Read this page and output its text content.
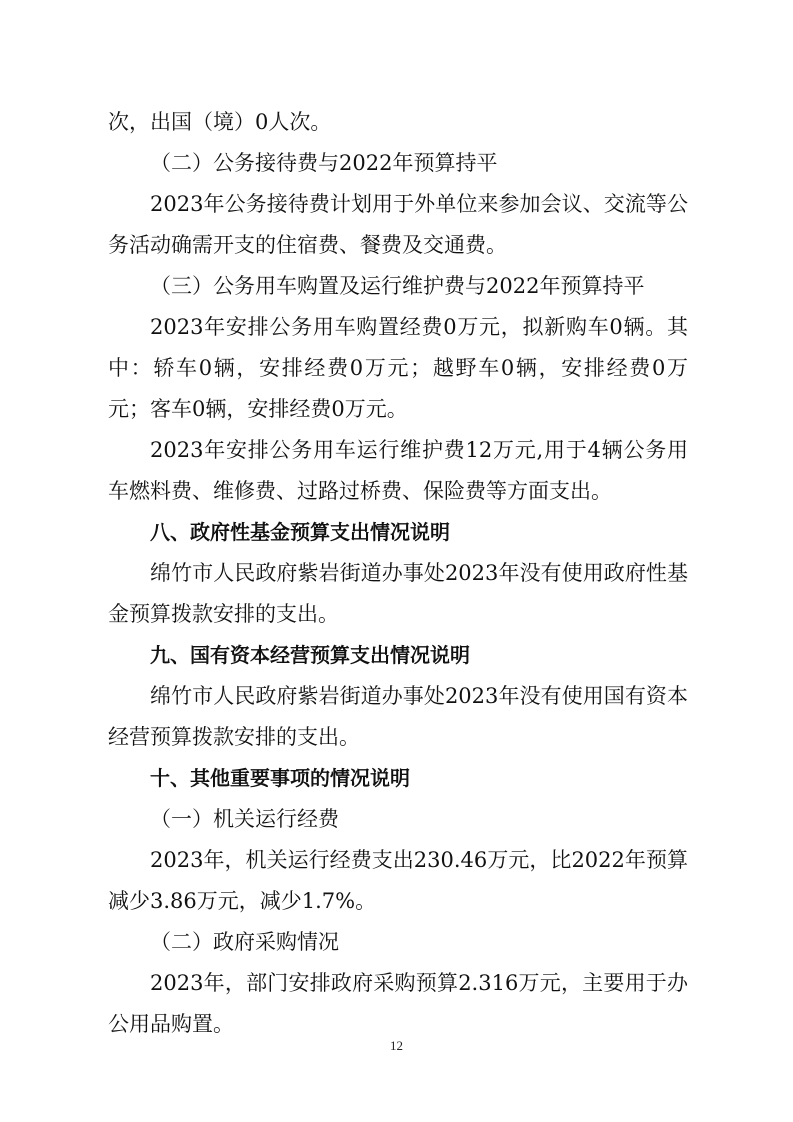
次，出国（境）0人次。
（二）公务接待费与2022年预算持平
2023年公务接待费计划用于外单位来参加会议、交流等公
务活动确需开支的住宿费、餐费及交通费。
（三）公务用车购置及运行维护费与2022年预算持平
2023年安排公务用车购置经费0万元，拟新购车0辆。其
中：轿车0辆，安排经费0万元；越野车0辆，安排经费0万
元；客车0辆，安排经费0万元。
2023年安排公务用车运行维护费12万元,用于4辆公务用
车燃料费、维修费、过路过桥费、保险费等方面支出。
八、政府性基金预算支出情况说明
绵竹市人民政府紫岩街道办事处2023年没有使用政府性基
金预算拨款安排的支出。
九、国有资本经营预算支出情况说明
绵竹市人民政府紫岩街道办事处2023年没有使用国有资本
经营预算拨款安排的支出。
十、其他重要事项的情况说明
（一）机关运行经费
2023年，机关运行经费支出230.46万元，比2022年预算
减少3.86万元，减少1.7%。
（二）政府采购情况
2023年，部门安排政府采购预算2.316万元，主要用于办
公用品购置。
12
